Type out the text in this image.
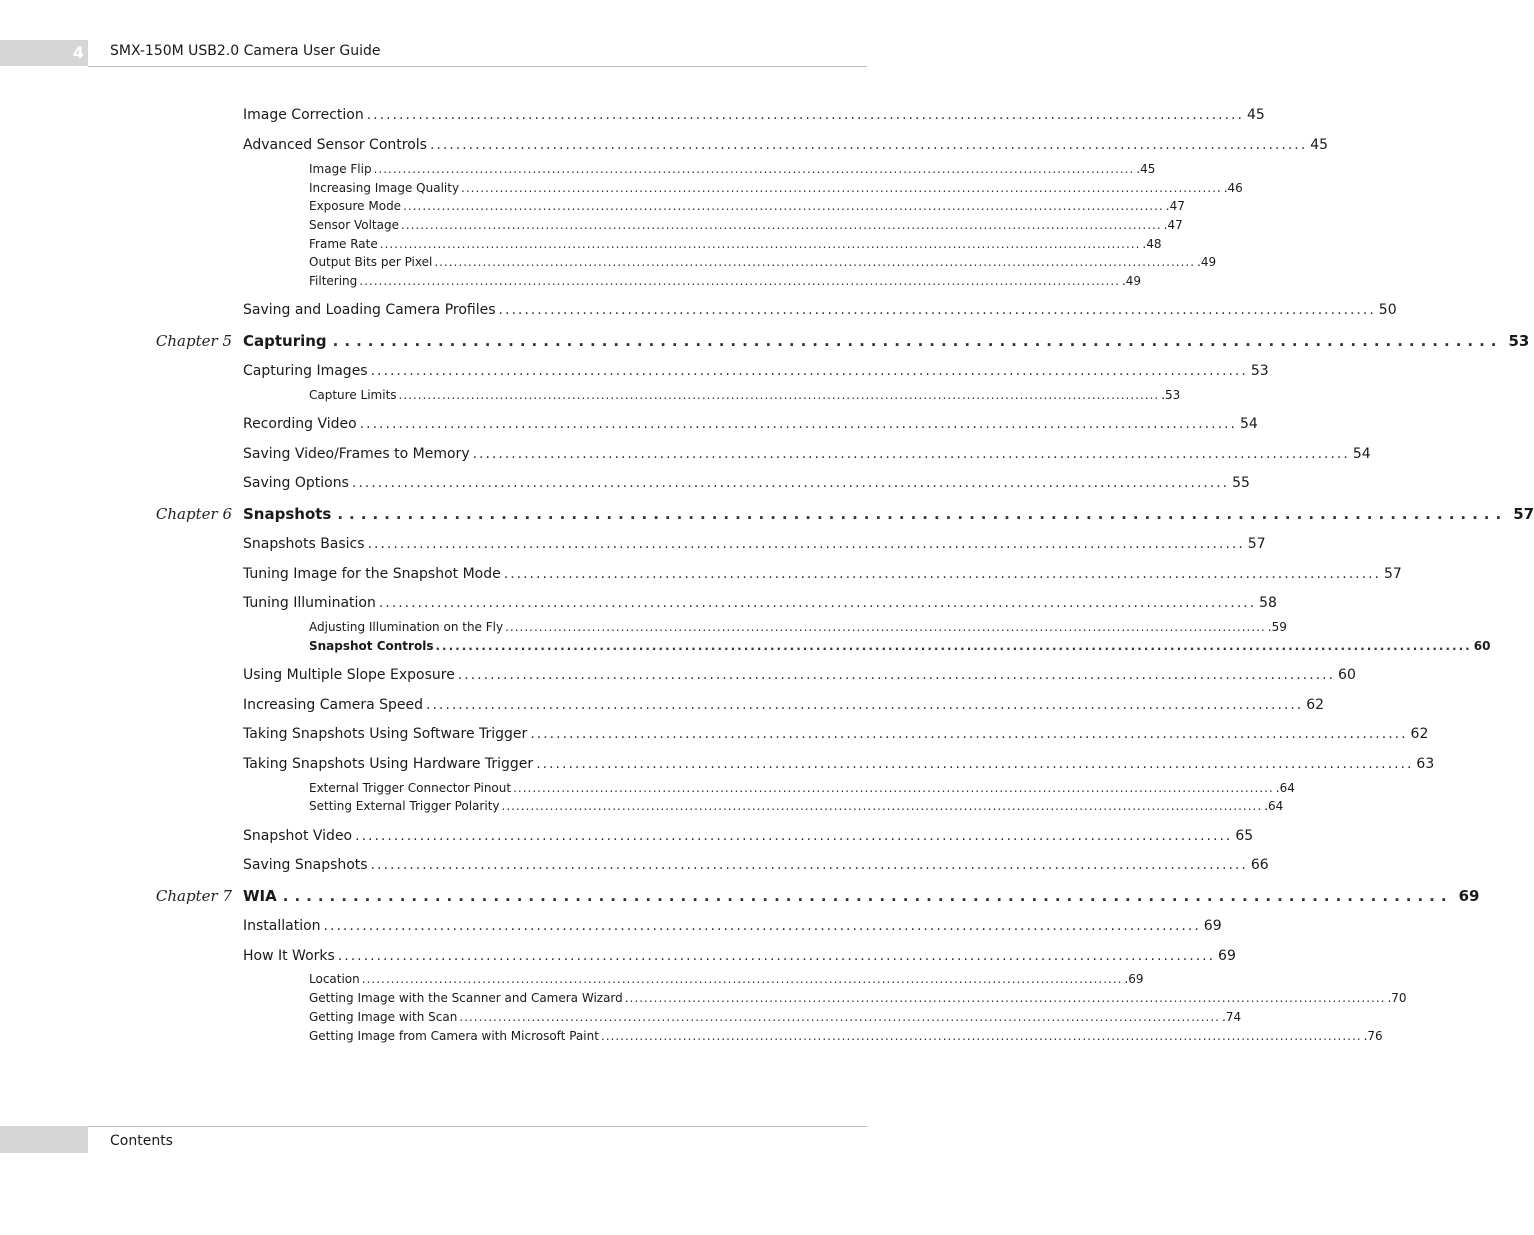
4 SMX-150M USB2.0 Camera User Guide
Image Correction ........................................................................................................................................ 45
Advanced Sensor Controls ........................................................................................................................................ 45
Image Flip .............................................................................................................................................................. .45
Increasing Image Quality .............................................................................................................................................................. .46
Exposure Mode .............................................................................................................................................................. .47
Sensor Voltage .............................................................................................................................................................. .47
Frame Rate .............................................................................................................................................................. .48
Output Bits per Pixel .............................................................................................................................................................. .49
Filtering .............................................................................................................................................................. .49
Saving and Loading Camera Profiles ........................................................................................................................................ 50
Chapter 5 Capturing .................................................................................................... 53
Capturing Images ........................................................................................................................................ 53
Capture Limits .............................................................................................................................................................. .53
Recording Video ........................................................................................................................................ 54
Saving Video/Frames to Memory ........................................................................................................................................ 54
Saving Options ........................................................................................................................................ 55
Chapter 6 Snapshots .................................................................................................... 57
Snapshots Basics ........................................................................................................................................ 57
Tuning Image for the Snapshot Mode ........................................................................................................................................ 57
Tuning Illumination ........................................................................................................................................ 58
Adjusting Illumination on the Fly .............................................................................................................................................................. .59
Snapshot Controls .............................................................................................................................................................. 60
Using Multiple Slope Exposure ........................................................................................................................................ 60
Increasing Camera Speed ........................................................................................................................................ 62
Taking Snapshots Using Software Trigger ........................................................................................................................................ 62
Taking Snapshots Using Hardware Trigger ........................................................................................................................................ 63
External Trigger Connector Pinout .............................................................................................................................................................. .64
Setting External Trigger Polarity .............................................................................................................................................................. .64
Snapshot Video ........................................................................................................................................ 65
Saving Snapshots ........................................................................................................................................ 66
Chapter 7 WIA .................................................................................................... 69
Installation ........................................................................................................................................ 69
How It Works ........................................................................................................................................ 69
Location .............................................................................................................................................................. .69
Getting Image with the Scanner and Camera Wizard .............................................................................................................................................................. .70
Getting Image with Scan .............................................................................................................................................................. .74
Getting Image from Camera with Microsoft Paint .............................................................................................................................................................. .76
Contents
